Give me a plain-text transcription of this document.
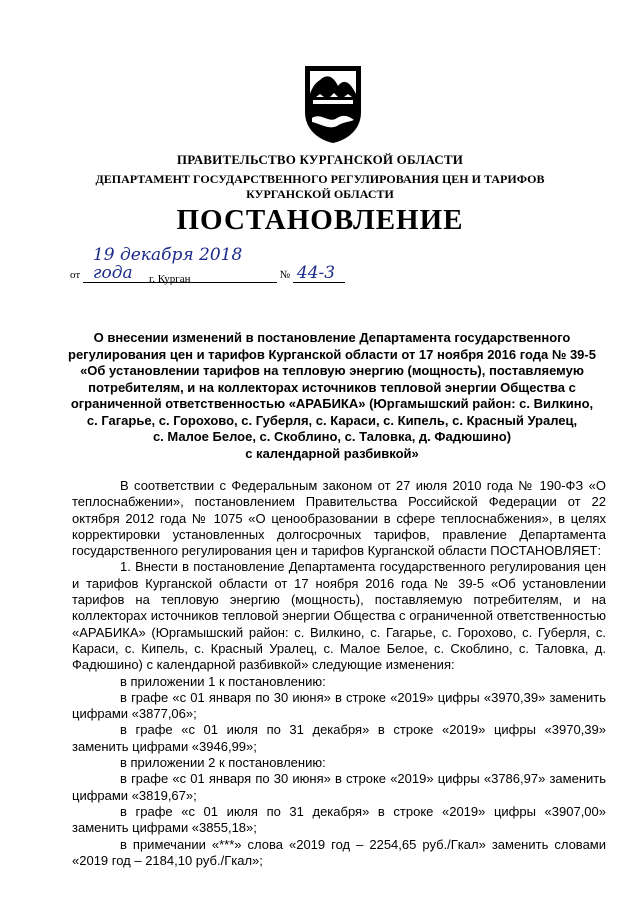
ПРАВИТЕЛЬСТВО КУРГАНСКОЙ ОБЛАСТИ
ДЕПАРТАМЕНТ ГОСУДАРСТВЕННОГО РЕГУЛИРОВАНИЯ ЦЕН И ТАРИФОВ
КУРГАНСКОЙ ОБЛАСТИ
ПОСТАНОВЛЕНИЕ
от 19 декабря 2018 года	№ 44-3
г. Курган
О внесении изменений в постановление Департамента государственного
регулирования цен и тарифов Курганской области от 17 ноября 2016 года № 39-5
«Об установлении тарифов на тепловую энергию (мощность), поставляемую
потребителям, и на коллекторах источников тепловой энергии Общества с
ограниченной ответственностью «АРАБИКА» (Юргамышский район: с. Вилкино,
с. Гагарье, с. Горохово, с. Губерля, с. Караси, с. Кипель, с. Красный Уралец,
с. Малое Белое, с. Скоблино, с. Таловка, д. Фадюшино)
с календарной разбивкой»

В соответствии с Федеральным законом от 27 июля 2010 года № 190-ФЗ «О теплоснабжении», постановлением Правительства Российской Федерации от 22 октября 2012 года № 1075 «О ценообразовании в сфере теплоснабжения», в целях корректировки установленных долгосрочных тарифов, правление Департамента государственного регулирования цен и тарифов Курганской области ПОСТАНОВЛЯЕТ:

1. Внести в постановление Департамента государственного регулирования цен и тарифов Курганской области от 17 ноября 2016 года № 39-5 «Об установлении тарифов на тепловую энергию (мощность), поставляемую потребителям, и на коллекторах источников тепловой энергии Общества с ограниченной ответственностью «АРАБИКА» (Юргамышский район: с. Вилкино, с. Гагарье, с. Горохово, с. Губерля, с. Караси, с. Кипель, с. Красный Уралец, с. Малое Белое, с. Скоблино, с. Таловка, д. Фадюшино) с календарной разбивкой» следующие изменения:

в приложении 1 к постановлению:

в графе «с 01 января по 30 июня» в строке «2019» цифры «3970,39» заменить цифрами «3877,06»;

в графе «с 01 июля по 31 декабря» в строке «2019» цифры «3970,39» заменить цифрами «3946,99»;

в приложении 2 к постановлению:

в графе «с 01 января по 30 июня» в строке «2019» цифры «3786,97» заменить цифрами «3819,67»;

в графе «с 01 июля по 31 декабря» в строке «2019» цифры «3907,00» заменить цифрами «3855,18»;

в примечании «***» слова «2019 год – 2254,65 руб./Гкал» заменить словами «2019 год – 2184,10 руб./Гкал»;
